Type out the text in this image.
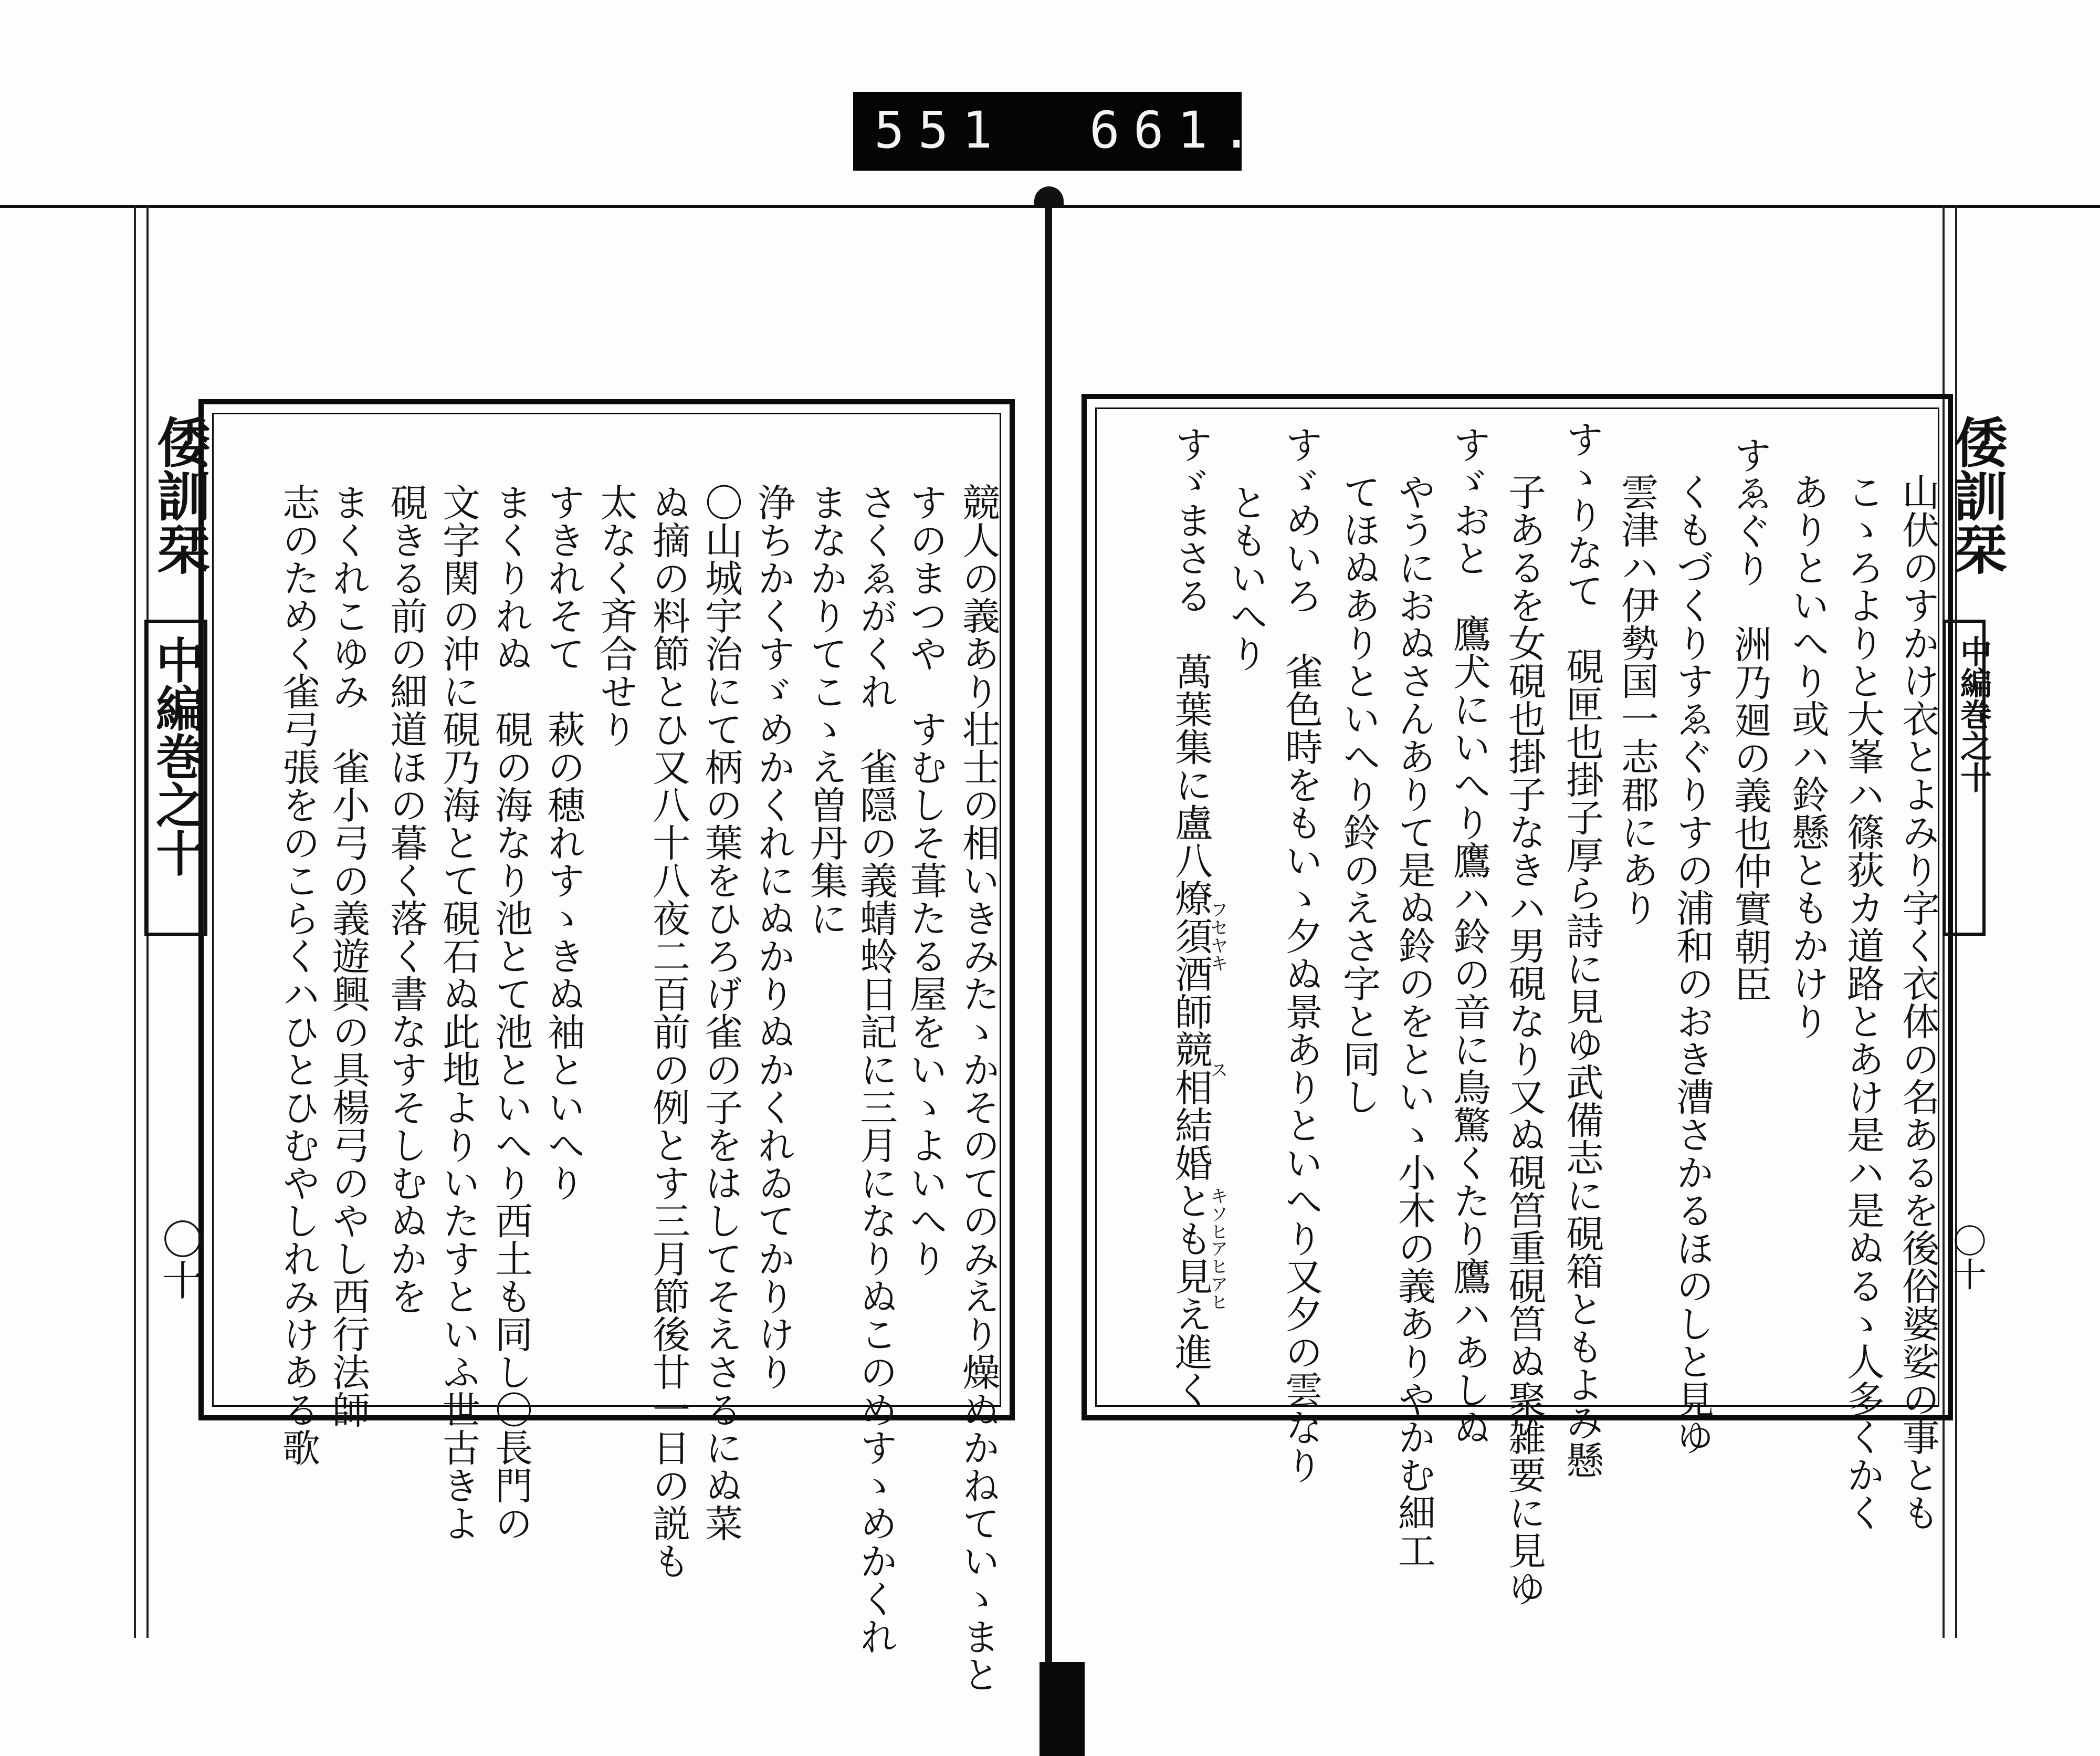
551 661.
倭訓栞
中編巻之十
〇十	競人の義あり壮士の相いきみたゝかそのてのみえり燥ぬかねていゝまと
すのまつや　すむしそ葺たる屋をいゝよいへり
さくゑがくれ　雀隠の義蜻蛉日記に三月になりぬこのめすゝめかくれ
まなかりてこゝえ曽丹集に
浄ちかくすゞめかくれにぬかりぬかくれゐてかりけり
〇山城宇治にて柄の葉をひろげ雀の子をはしてそえさるにぬ菜
ぬ摘の料節とひ又八十八夜二百前の例とす三月節後廿一日の説も
太なく斉合せり
すきれそて　萩の穂れすゝきぬ袖といへり
まくりれぬ　硯の海なり池とて池といへり西土も同し〇長門の
文字関の沖に硯乃海とて硯石ぬ此地よりいたすといふ世古きよ
硯きる前の細道ほの暮く落く書なすそしむぬかを
まくれこゆみ　雀小弓の義遊興の具楊弓のやし西行法師
志のためく雀弓張をのこらくハひとひむやしれみけある歌	倭訓栞
中編巻之十
〇十
山伏のすかけ衣とよみり字く衣体の名あるを後俗婆娑の事とも
こゝろよりと大峯ハ篠荻カ道路とあけ是ハ是ぬるゝ人多くかく
ありといへり或ハ鈴懸ともかけり
すゑぐり　洲乃廻の義也仲實朝臣
くもづくりすゑぐりすの浦和のおき漕さかるほのしと見ゆ
雲津ハ伊勢国一志郡にあり
すゝりなて　硯匣也掛子厚ら詩に見ゆ武備志に硯箱ともよみ懸
子あるを女硯也掛子なきハ男硯なり又ぬ硯筥重硯筥ぬ聚雑要に見ゆ
すゞおと　鷹犬にいへり鷹ハ鈴の音に鳥驚くたり鷹ハあしぬ
やうにおぬさんありて是ぬ鈴のをといゝ小木の義ありやかむ細工
てほぬありといへり鈴のえさ字と同し
すゞめいろ　雀色時をもいゝ夕ぬ景ありといへり又夕の雲なり
ともいへり
すゞまさる　萬葉集に盧八燎須酒師競相結婚とも見え進く
フセヤキ
ス
キソヒ
アヒアヒ
